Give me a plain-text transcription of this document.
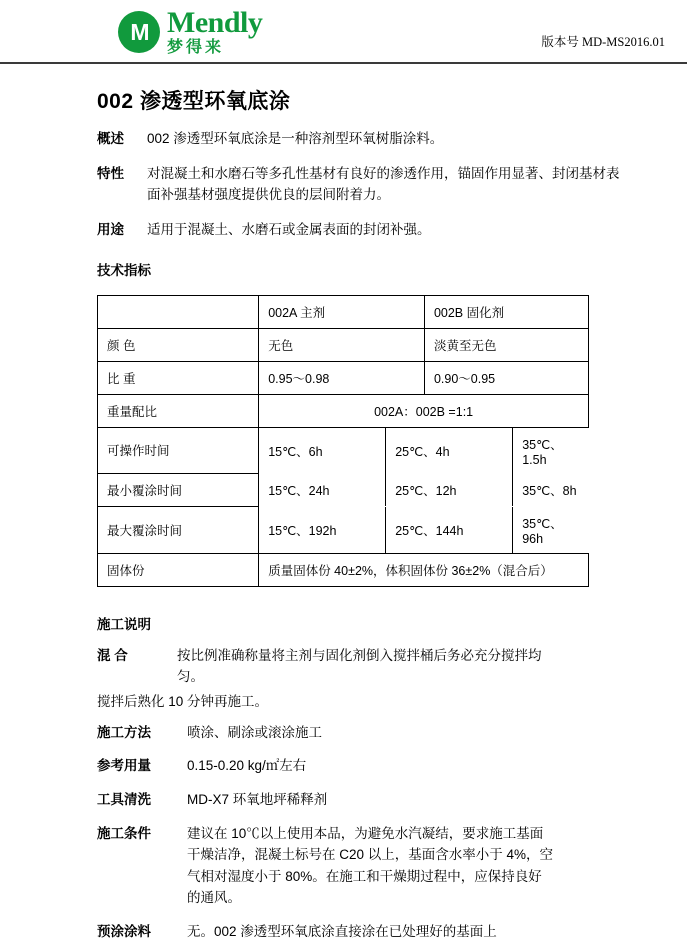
M Mendly
梦得来	版本号 MD-MS2016.01
002 渗透型环氧底涂
概述	002 渗透型环氧底涂是一种溶剂型环氧树脂涂料。
特性	对混凝土和水磨石等多孔性基材有良好的渗透作用，锚固作用显著、封闭基材表面补强基材强度提供优良的层间附着力。
用途	适用于混凝土、水磨石或金属表面的封闭补强。
技术指标
	002A 主剂	002B 固化剂
颜 色	无色	淡黄至无色
比 重	0.95～0.98	0.90～0.95
重量配比	002A：002B =1:1
可操作时间		15℃、6h	25℃、4h	35℃、1.5h

最小覆涂时间		15℃、24h	25℃、12h	35℃、8h

最大覆涂时间		15℃、192h	25℃、144h	35℃、96h

固体份	质量固体份 40±2%，体积固体份 36±2%（混合后）
施工说明
混 合	按比例准确称量将主剂与固化剂倒入搅拌桶后务必充分搅拌均匀。
搅拌后熟化 10 分钟再施工。
施工方法	喷涂、刷涂或滚涂施工
参考用量	0.15-0.20 kg/㎡左右
工具清洗	MD-X7 环氧地坪稀释剂
施工条件	建议在 10℃以上使用本品，为避免水汽凝结，要求施工基面干燥洁净，混凝土标号在 C20 以上，基面含水率小于 4%，空气相对湿度小于 80%。在施工和干燥期过程中，应保持良好的通风。
预涂涂料	无。002 渗透型环氧底涂直接涂在已处理好的基面上
